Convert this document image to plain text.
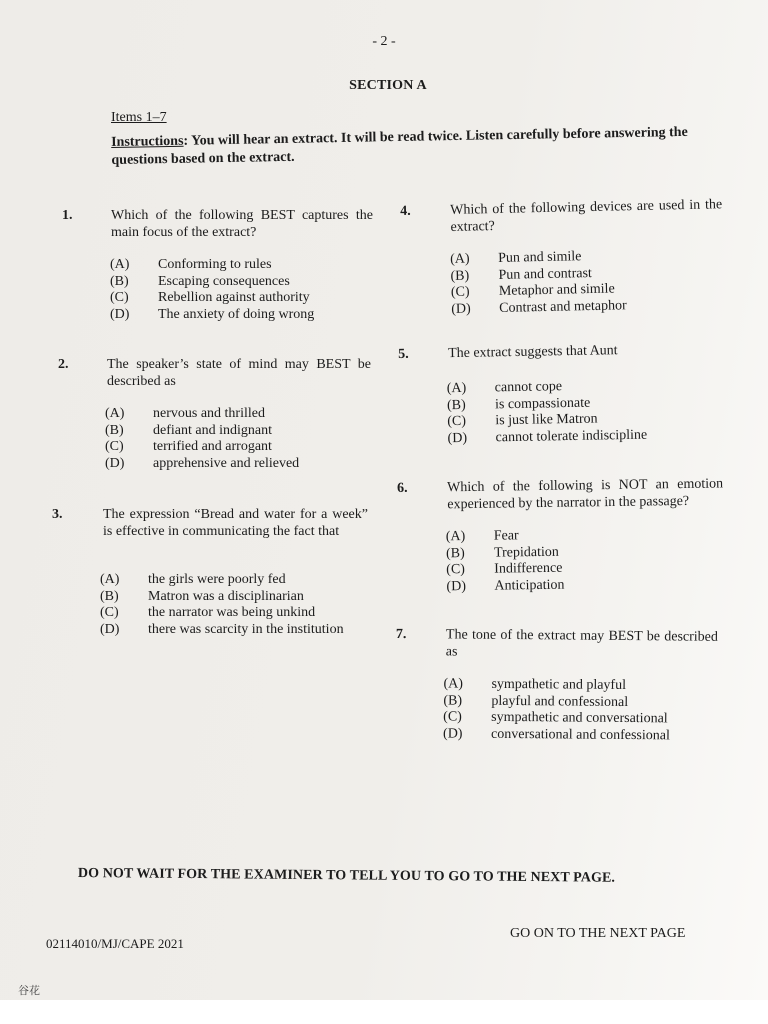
- 2 -
SECTION A
Items 1–7
Instructions: You will hear an extract. It will be read twice. Listen carefully before answering the questions based on the extract.
1.	Which of the following BEST captures the main focus of the extract?
(A)	Conforming to rules
(B)	Escaping consequences
(C)	Rebellion against authority
(D)	The anxiety of doing wrong
2.	The speaker’s state of mind may BEST be described as
(A)	nervous and thrilled
(B)	defiant and indignant
(C)	terrified and arrogant
(D)	apprehensive and relieved
3.	The expression “Bread and water for a week” is effective in communicating the fact that
(A)	the girls were poorly fed
(B)	Matron was a disciplinarian
(C)	the narrator was being unkind
(D)	there was scarcity in the institution
4.	Which of the following devices are used in the extract?
(A)	Pun and simile
(B)	Pun and contrast
(C)	Metaphor and simile
(D)	Contrast and metaphor
5.	The extract suggests that Aunt
(A)	cannot cope
(B)	is compassionate
(C)	is just like Matron
(D)	cannot tolerate indiscipline
6.	Which of the following is NOT an emotion experienced by the narrator in the passage?
(A)	Fear
(B)	Trepidation
(C)	Indifference
(D)	Anticipation
7.	The tone of the extract may BEST be described as
(A)	sympathetic and playful
(B)	playful and confessional
(C)	sympathetic and conversational
(D)	conversational and confessional
DO NOT WAIT FOR THE EXAMINER TO TELL YOU TO GO TO THE NEXT PAGE.
GO ON TO THE NEXT PAGE
02114010/MJ/CAPE 2021
谷花
